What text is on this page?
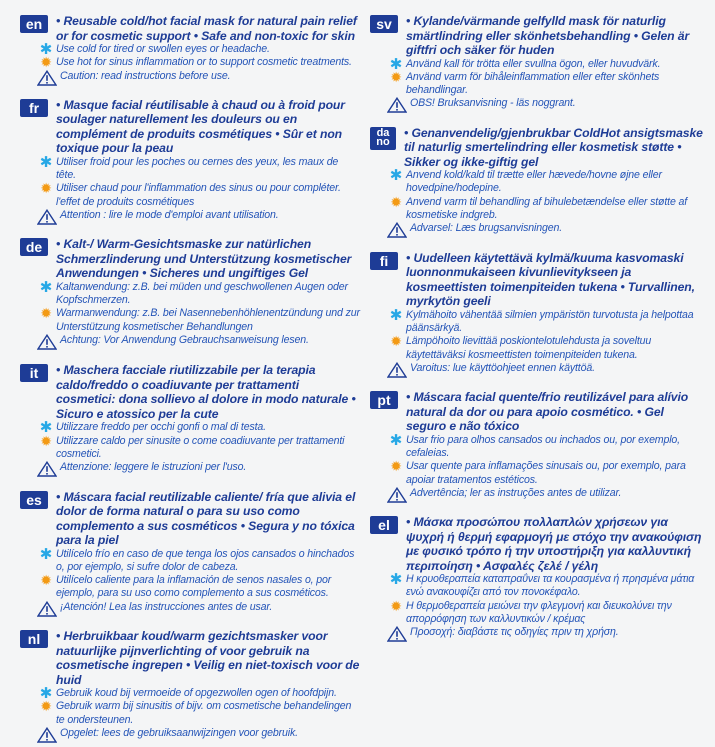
en	• Reusable cold/hot facial mask for natural pain relief or for cosmetic support • Safe and non-toxic for skin
✱ Use cold for tired or swollen eyes or headache.
✹ Use hot for sinus inflammation or to support cosmetic treatments.
Caution: read instructions before use.
fr	• Masque facial réutilisable à chaud ou à froid pour soulager naturellement les douleurs ou en complément de produits cosmétiques • Sûr et non toxique pour la peau
✱ Utiliser froid pour les poches ou cernes des yeux, les maux de tête.
✹ Utiliser chaud pour l'inflammation des sinus ou pour compléter. l'effet de produits cosmétiques
Attention : lire le mode d'emploi avant utilisation.
de	• Kalt-/ Warm-Gesichtsmaske zur natürlichen Schmerzlinderung und Unterstützung kosmetischer Anwendungen • Sicheres und ungiftiges Gel
✱ Kaltanwendung: z.B. bei müden und geschwollenen Augen oder Kopfschmerzen.
✹ Warmanwendung: z.B. bei Nasennebenhöhlenentzündung und zur Unterstützung kosmetischer Behandlungen
Achtung: Vor Anwendung Gebrauchsanweisung lesen.
it	• Maschera facciale riutilizzabile per la terapia caldo/freddo o coadiuvante per trattamenti cosmetici: dona sollievo al dolore in modo naturale • Sicuro e atossico per la cute
✱ Utilizzare freddo per occhi gonfi o mal di testa.
✹ Utilizzare caldo per sinusite o come coadiuvante per trattamenti cosmetici.
Attenzione: leggere le istruzioni per l'uso.
es	• Máscara facial reutilizable caliente/ fría que alivia el dolor de forma natural o para su uso como complemento a sus cosméticos • Segura y no tóxica para la piel
✱ Utilícelo frío en caso de que tenga los ojos cansados o hinchados o, por ejemplo, si sufre dolor de cabeza.
✹ Utilícelo caliente para la inflamación de senos nasales o, por ejemplo, para su uso como complemento a sus cosméticos.
¡Atención! Lea las instrucciones antes de usar.
nl	• Herbruikbaar koud/warm gezichtsmasker voor natuurlijke pijnverlichting of voor gebruik na cosmetische ingrepen • Veilig en niet-toxisch voor de huid
✱ Gebruik koud bij vermoeide of opgezwollen ogen of hoofdpijn.
✹ Gebruik warm bij sinusitis of bijv. om cosmetische behandelingen te ondersteunen.
Opgelet: lees de gebruiksaanwijzingen voor gebruik.
sv	• Kylande/värmande gelfylld mask för naturlig smärtlindring eller skönhetsbehandling • Gelen är giftfri och säker för huden
✱ Använd kall för trötta eller svullna ögon, eller huvudvärk.
✹ Använd varm för bihåleinflammation eller efter skönhets behandlingar.
OBS! Bruksanvisning - läs noggrant.
da
no
• Genanvendelig/gjenbrukbar ColdHot ansigtsmaske til naturlig smertelindring eller kosmetisk støtte • Sikker og ikke-giftig gel
✱ Anvend kold/kald til trætte eller hævede/hovne øjne eller hovedpine/hodepine.
✹ Anvend varm til behandling af bihulebetændelse eller støtte af kosmetiske indgreb.
Advarsel: Læs brugsanvisningen.
fi	• Uudelleen käytettävä kylmä/kuuma kasvomaski luonnonmukaiseen kivunlievitykseen ja kosmeettisten toimenpiteiden tukena • Turvallinen, myrkytön geeli
✱ Kylmähoito vähentää silmien ympäristön turvotusta ja helpottaa päänsärkyä.
✹ Lämpöhoito lievittää poskiontelotulehdusta ja soveltuu käytettäväksi kosmeettisten toimenpiteiden tukena.
Varoitus: lue käyttöohjeet ennen käyttöä.
pt	• Máscara facial quente/frio reutilizável para alívio natural da dor ou para apoio cosmético. • Gel seguro e não tóxico
✱ Usar frio para olhos cansados ou inchados ou, por exemplo, cefaleias.
✹ Usar quente para inflamações sinusais ou, por exemplo, para apoiar tratamentos estéticos.
Advertência; ler as instruções antes de utilizar.
el	• Μάσκα προσώπου πολλαπλών χρήσεων για ψυχρή ή θερμή εφαρμογή με στόχο την ανακούφιση με φυσικό τρόπο ή την υποστήριξη για καλλυντική περιποίηση • Ασφαλές ζελέ / γέλη
✱ Η κρυοθεραπεία καταπραΰνει τα κουρασμένα ή πρησμένα μάτια ενώ ανακουφίζει από τον πονοκέφαλο.
✹ Η θερμοθεραπεία μειώνει την φλεγμονή και διευκολύνει την απορρόφηση των καλλυντικών / κρέμας
Προσοχή: διαβάστε τις οδηγίες πριν τη χρήση.
